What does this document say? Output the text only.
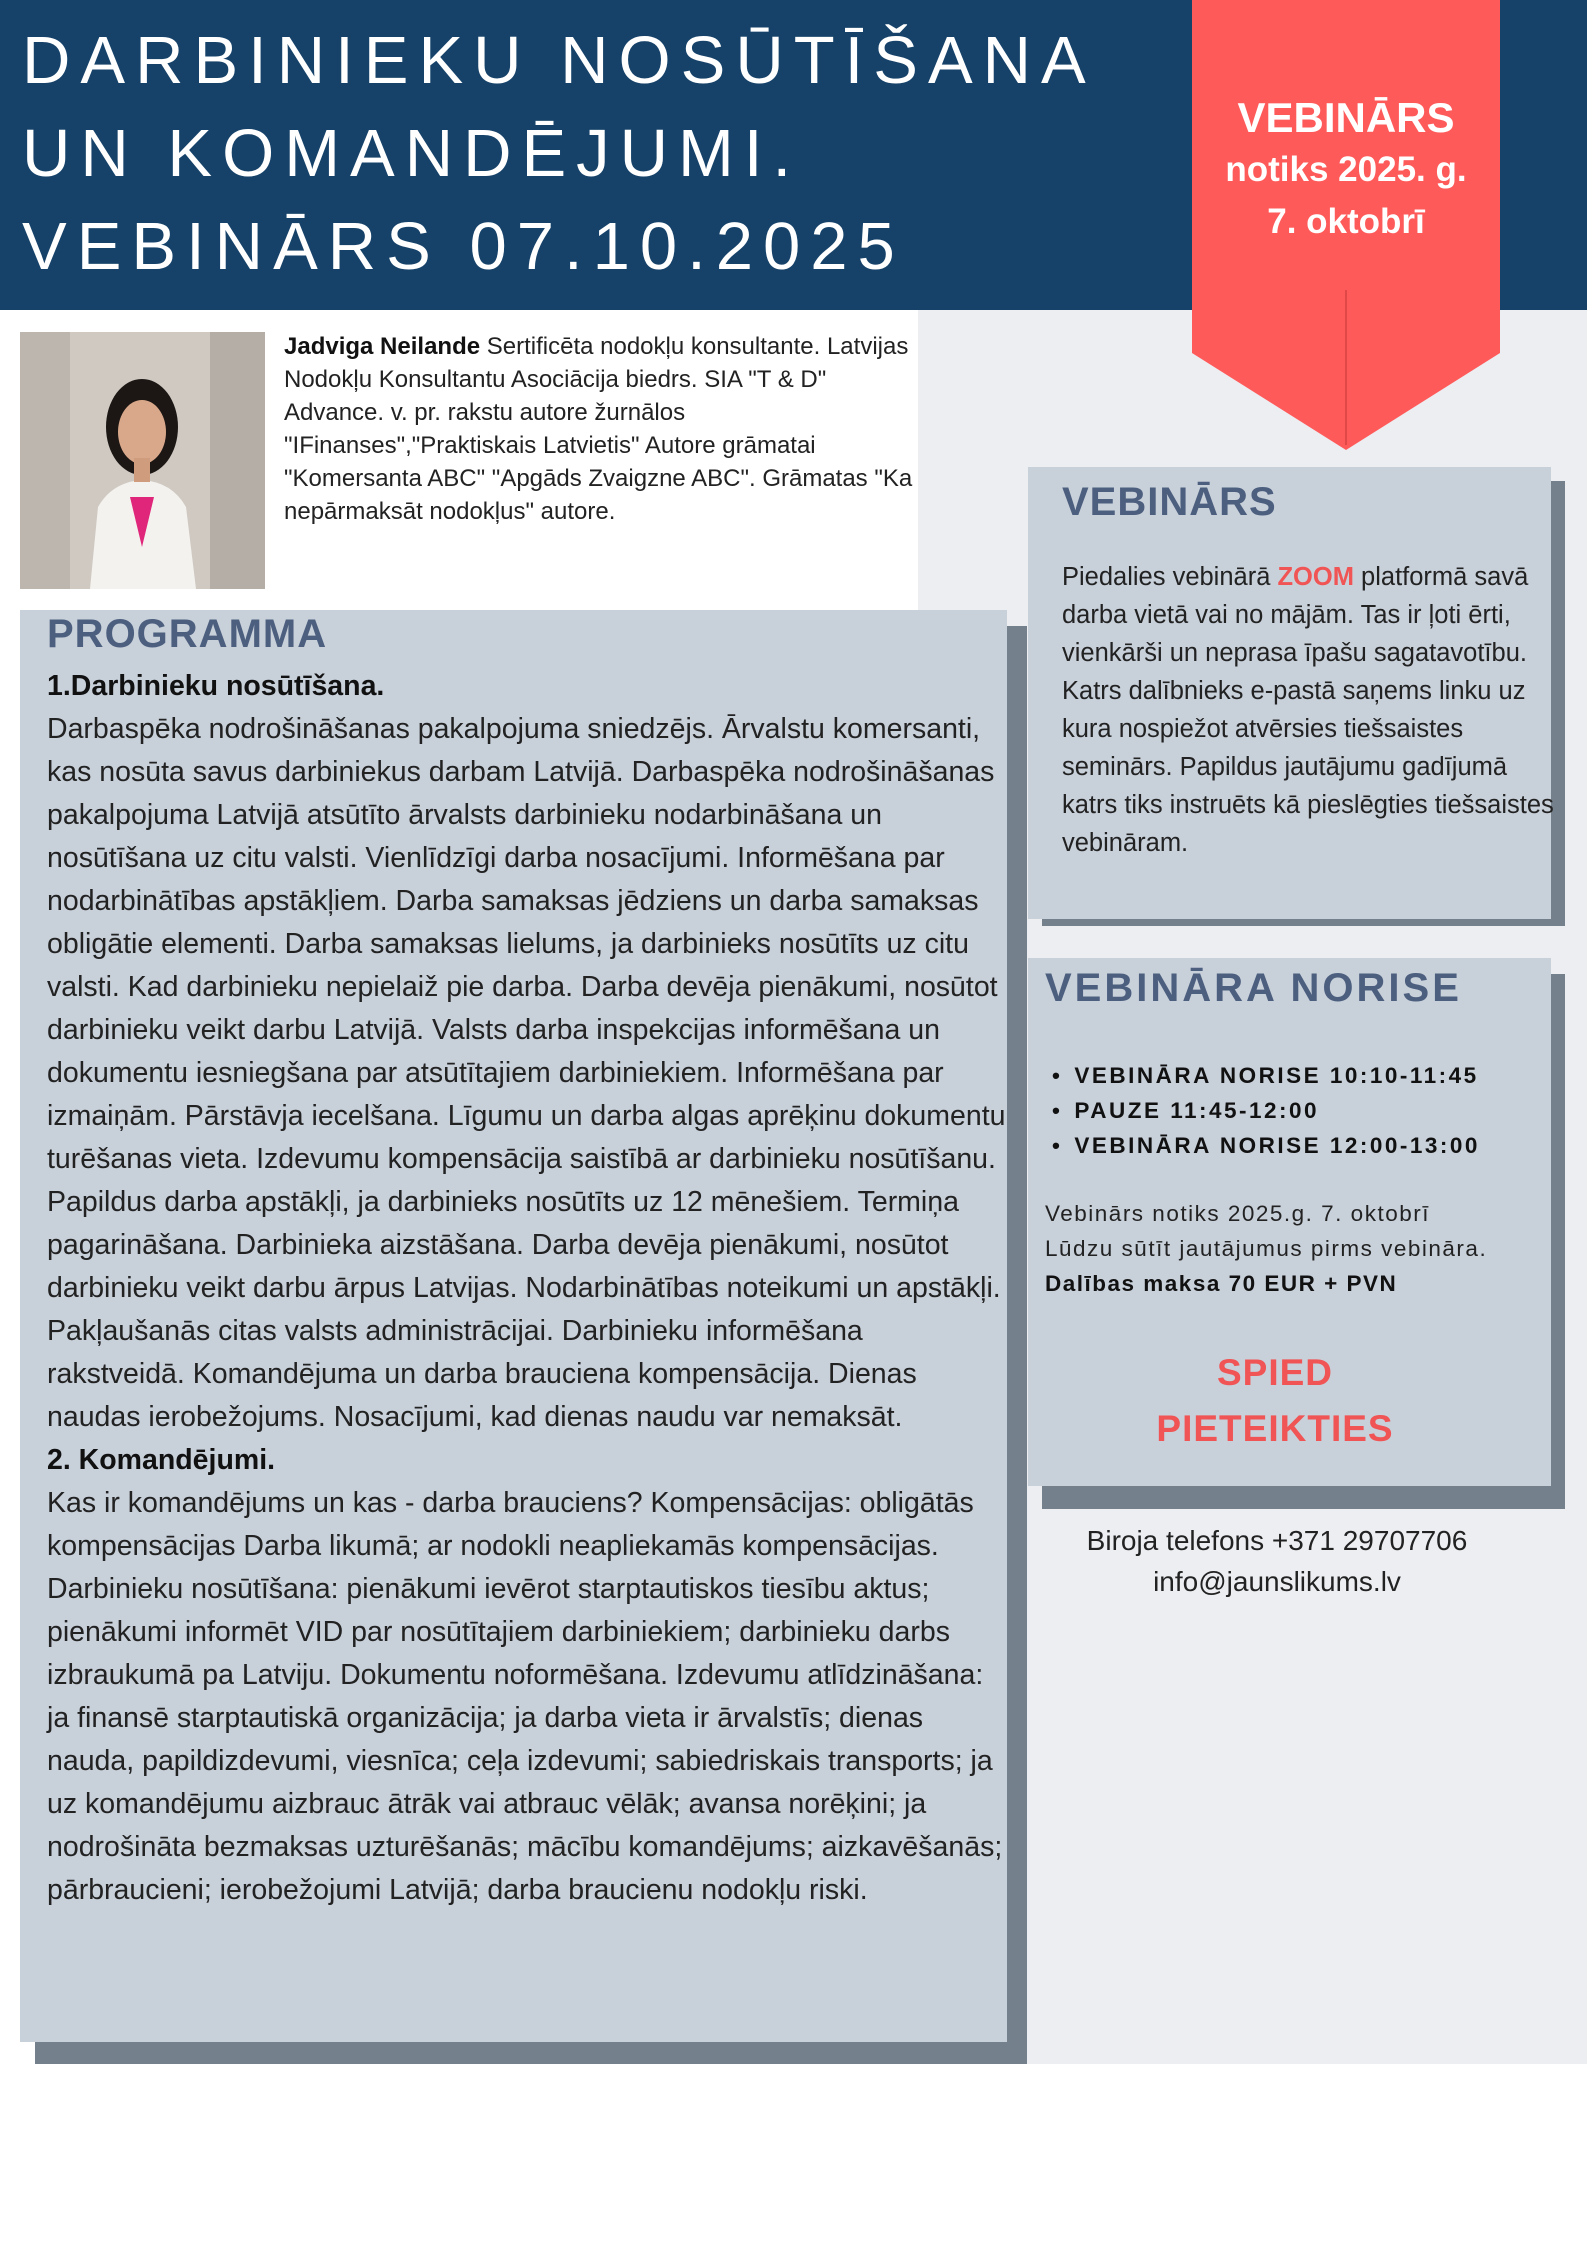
DARBINIEKU NOSŪTĪŠANA
UN KOMANDĒJUMI.
VEBINĀRS 07.10.2025
VEBINĀRS
notiks 2025. g.
7. oktobrī
Jadviga Neilande Sertificēta nodokļu konsultante. Latvijas Nodokļu Konsultantu Asociācija biedrs. SIA "T & D" Advance. v. pr. rakstu autore žurnālos "IFinanses","Praktiskais Latvietis" Autore grāmatai "Komersanta ABC" "Apgāds Zvaigzne ABC". Grāmatas "Ka nepārmaksāt nodokļus" autore.
PROGRAMMA
1.Darbinieku nosūtīšana.
Darbaspēka nodrošināšanas pakalpojuma sniedzējs. Ārvalstu komersanti, kas nosūta savus darbiniekus darbam Latvijā. Darbaspēka nodrošināšanas pakalpojuma Latvijā atsūtīto ārvalsts darbinieku nodarbināšana un nosūtīšana uz citu valsti. Vienlīdzīgi darba nosacījumi. Informēšana par nodarbinātības apstākļiem. Darba samaksas jēdziens un darba samaksas obligātie elementi. Darba samaksas lielums, ja darbinieks nosūtīts uz citu valsti. Kad darbinieku nepielaiž pie darba. Darba devēja pienākumi, nosūtot darbinieku veikt darbu Latvijā. Valsts darba inspekcijas informēšana un dokumentu iesniegšana par atsūtītajiem darbiniekiem. Informēšana par izmaiņām. Pārstāvja iecelšana. Līgumu un darba algas aprēķinu dokumentu turēšanas vieta. Izdevumu kompensācija saistībā ar darbinieku nosūtīšanu. Papildus darba apstākļi, ja darbinieks nosūtīts uz 12 mēnešiem. Termiņa pagarināšana. Darbinieka aizstāšana. Darba devēja pienākumi, nosūtot darbinieku veikt darbu ārpus Latvijas. Nodarbinātības noteikumi un apstākļi. Pakļaušanās citas valsts administrācijai. Darbinieku informēšana rakstveidā. Komandējuma un darba brauciena kompensācija. Dienas naudas ierobežojums. Nosacījumi, kad dienas naudu var nemaksāt.
2. Komandējumi.
Kas ir komandējums un kas - darba brauciens? Kompensācijas: obligātās kompensācijas Darba likumā; ar nodokli neapliekamās kompensācijas. Darbinieku nosūtīšana: pienākumi ievērot starptautiskos tiesību aktus; pienākumi informēt VID par nosūtītajiem darbiniekiem; darbinieku darbs izbraukumā pa Latviju. Dokumentu noformēšana. Izdevumu atlīdzināšana: ja finansē starptautiskā organizācija; ja darba vieta ir ārvalstīs; dienas nauda, papildizdevumi, viesnīca; ceļa izdevumi; sabiedriskais transports; ja uz komandējumu aizbrauc ātrāk vai atbrauc vēlāk; avansa norēķini; ja nodrošināta bezmaksas uzturēšanās; mācību komandējums; aizkavēšanās; pārbraucieni; ierobežojumi Latvijā; darba braucienu nodokļu riski.
VEBINĀRS
Piedalies vebinārā ZOOM platformā savā darba vietā vai no mājām. Tas ir ļoti ērti, vienkārši un neprasa īpašu sagatavotību. Katrs dalībnieks e-pastā saņems linku uz kura nospiežot atvērsies tiešsaistes seminārs. Papildus jautājumu gadījumā katrs tiks instruēts kā pieslēgties tiešsaistes vebināram.
VEBINĀRA NORISE
• VEBINĀRA NORISE 10:10-11:45
• PAUZE 11:45-12:00
• VEBINĀRA NORISE 12:00-13:00
Vebinārs notiks 2025.g. 7. oktobrī
Lūdzu sūtīt jautājumus pirms vebināra.
Dalības maksa 70 EUR + PVN
SPIED
PIETEIKTIES
Biroja telefons +371 29707706
info@jaunslikums.lv
